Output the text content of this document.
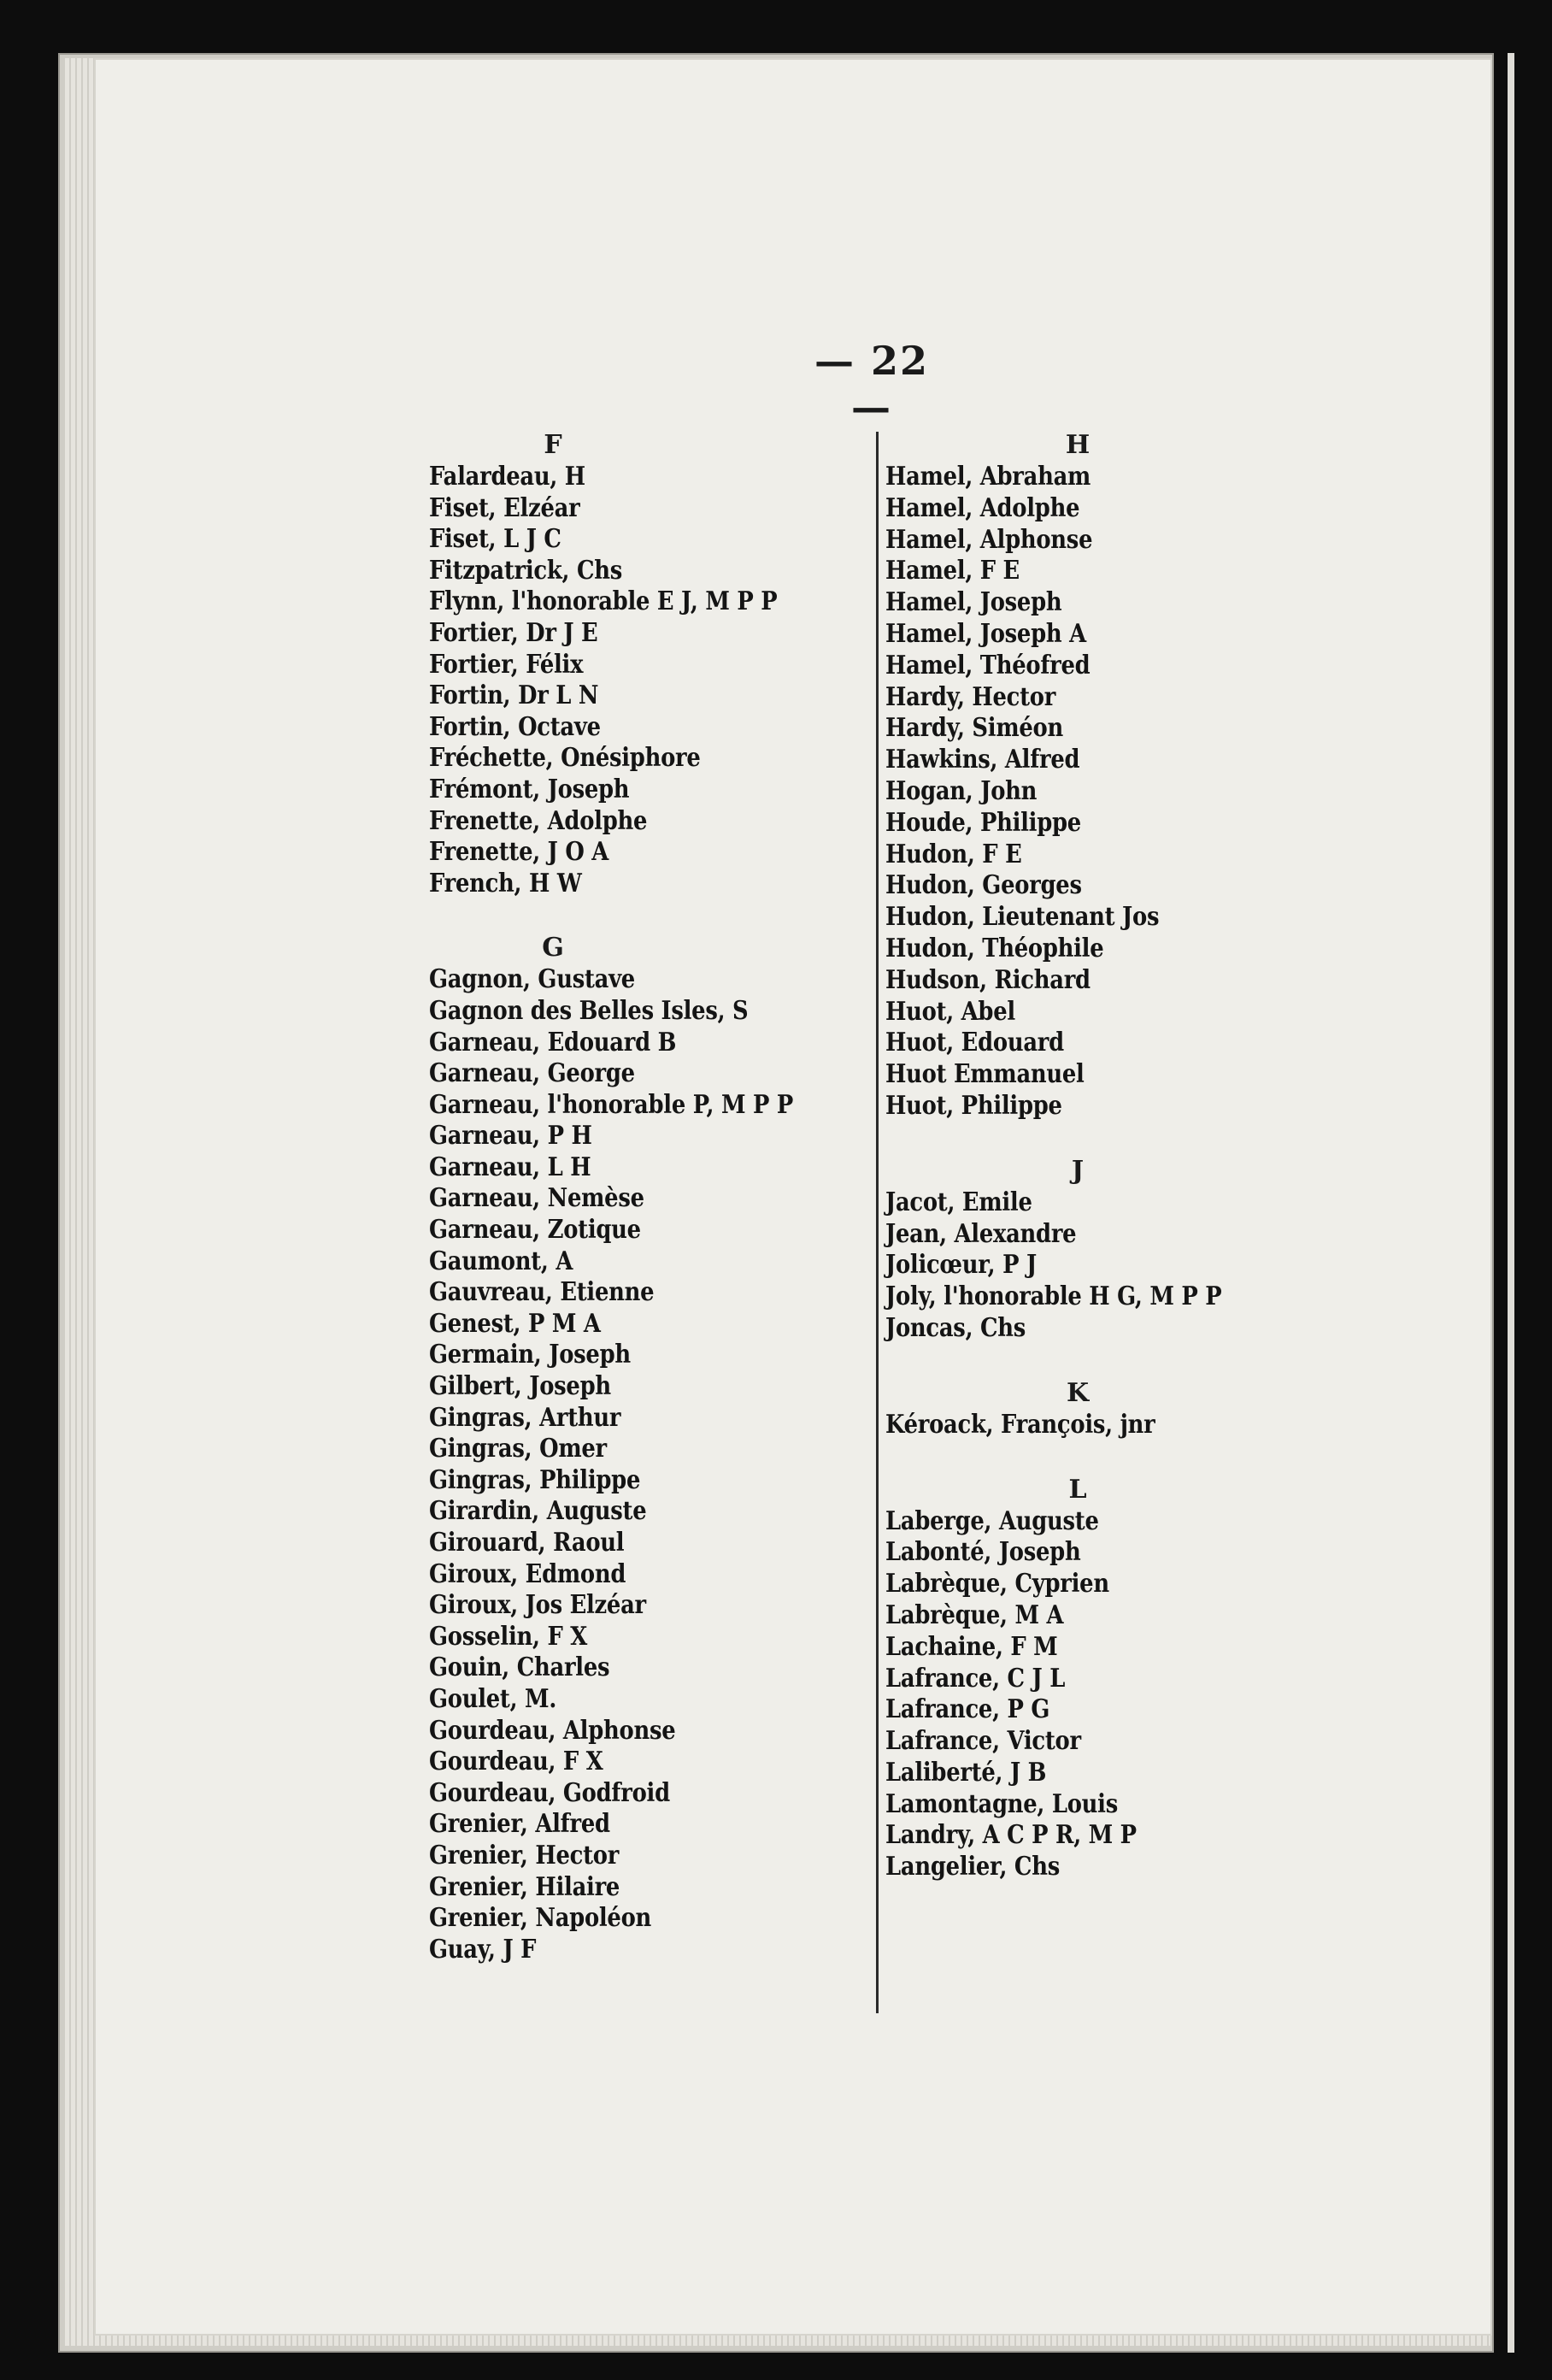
— 22 —
F
Falardeau, H
Fiset, Elzéar
Fiset, L J C
Fitzpatrick, Chs
Flynn, l'honorable E J, M P P
Fortier, Dr J E
Fortier, Félix
Fortin, Dr L N
Fortin, Octave
Fréchette, Onésiphore
Frémont, Joseph
Frenette, Adolphe
Frenette, J O A
French, H W
G
Gagnon, Gustave
Gagnon des Belles Isles, S
Garneau, Edouard B
Garneau, George
Garneau, l'honorable P, M P P
Garneau, P H
Garneau, L H
Garneau, Nemèse
Garneau, Zotique
Gaumont, A
Gauvreau, Etienne
Genest, P M A
Germain, Joseph
Gilbert, Joseph
Gingras, Arthur
Gingras, Omer
Gingras, Philippe
Girardin, Auguste
Girouard, Raoul
Giroux, Edmond
Giroux, Jos Elzéar
Gosselin, F X
Gouin, Charles
Goulet, M.
Gourdeau, Alphonse
Gourdeau, F X
Gourdeau, Godfroid
Grenier, Alfred
Grenier, Hector
Grenier, Hilaire
Grenier, Napoléon
Guay, J F
H
Hamel, Abraham
Hamel, Adolphe
Hamel, Alphonse
Hamel, F E
Hamel, Joseph
Hamel, Joseph A
Hamel, Théofred
Hardy, Hector
Hardy, Siméon
Hawkins, Alfred
Hogan, John
Houde, Philippe
Hudon, F E
Hudon, Georges
Hudon, Lieutenant Jos
Hudon, Théophile
Hudson, Richard
Huot, Abel
Huot, Edouard
Huot Emmanuel
Huot, Philippe
J
Jacot, Emile
Jean, Alexandre
Jolicœur, P J
Joly, l'honorable H G, M P P
Joncas, Chs
K
Kéroack, François, jnr
L
Laberge, Auguste
Labonté, Joseph
Labrèque, Cyprien
Labrèque, M A
Lachaine, F M
Lafrance, C J L
Lafrance, P G
Lafrance, Victor
Laliberté, J B
Lamontagne, Louis
Landry, A C P R, M P
Langelier, Chs
